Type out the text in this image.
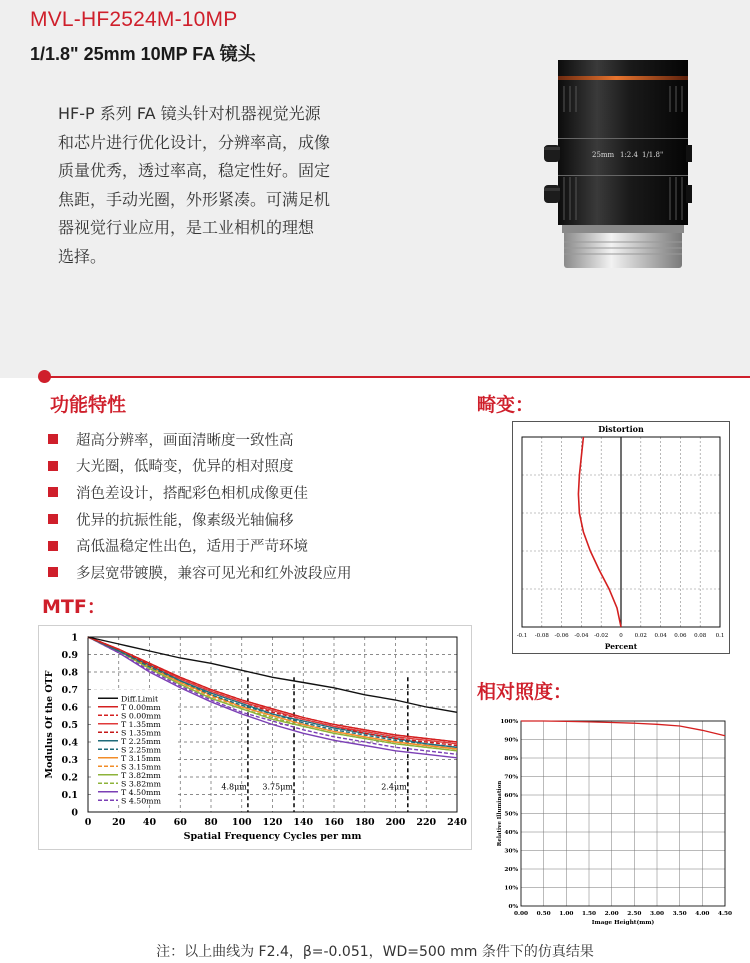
MVL-HF2524M-10MP
1/1.8" 25mm 10MP FA 镜头
HF-P 系列 FA 镜头针对机器视觉光源
和芯片进行优化设计，分辨率高，成像
质量优秀，透过率高，稳定性好。固定
焦距，手动光圈，外形紧凑。可满足机
器视觉行业应用，是工业相机的理想
选择。
25mm 1:2.4 1/1.8"
功能特性
超高分辨率，画面清晰度一致性高
大光圈，低畸变，优异的相对照度
消色差设计，搭配彩色相机成像更佳
优异的抗振性能，像素级光轴偏移
高低温稳定性出色，适用于严苛环境
多层宽带镀膜，兼容可见光和红外波段应用
MTF：
畸变：
相对照度：
Distortion
-0.1 -0.08 -0.06 -0.04 -0.02 0 0.02 0.04 0.06 0.08 0.1
Percent
0 20 40 60 80 100 120 140 160 180 200 220 240
0
0.1
0.2
0.3
0.4
0.5
0.6
0.7
0.8
0.9
1
Spatial Frequency Cycles per mm
Modulus Of the OTF
4.8μm 3.75μm	2.4μm
Diff.Limit
T 0.00mm
S 0.00mm
T 1.35mm
S 1.35mm
T 2.25mm
S 2.25mm
T 3.15mm
S 3.15mm
T 3.82mm
S 3.82mm
T 4.50mm
S 4.50mm
0.00 0.50 1.00 1.50 2.00 2.50 3.00 3.50 4.00 4.50
0%
10%
20%
30%
40%
50%
60%
70%
80%
90%
100%
Image Height(mm)
Relative Illumination
注：以上曲线为 F2.4，β=-0.051，WD=500 mm 条件下的仿真结果
